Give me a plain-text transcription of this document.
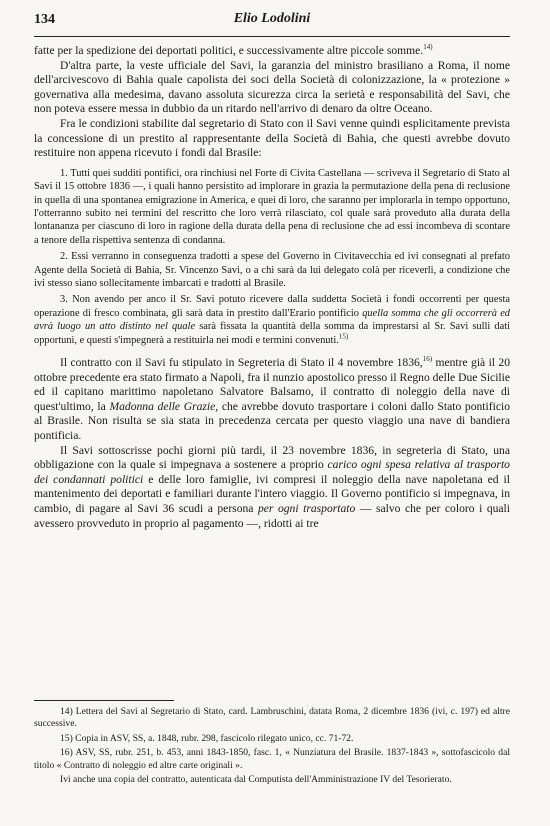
134	Elio Lodolini

fatte per la spedizione dei deportati politici, e successivamente altre piccole somme.$^{14)}$

D'altra parte, la veste ufficiale del Savi, la garanzia del ministro brasiliano a Roma, il nome dell'arcivescovo di Bahia quale capolista dei soci della Società di colonizzazione, la « protezione » governativa alla medesima, davano assoluta sicurezza circa la serietà e responsabilità del Savi, che non poteva essere messa in dubbio da un ritardo nell'arrivo di denaro da oltre Oceano.

Fra le condizioni stabilite dal segretario di Stato con il Savi venne quindi esplicitamente prevista la concessione di un prestito al rappresentante della Società di Bahia, che questi avrebbe dovuto restituire non appena ricevuto i fondi dal Brasile:

1. Tutti quei sudditi pontifici, ora rinchiusi nel Forte di Civita Castellana — scriveva il Segretario di Stato al Savi il 15 ottobre 1836 —, i quali hanno persistito ad implorare in grazia la permutazione della pena di reclusione in quella di una spontanea emigrazione in America, e quei di loro, che saranno per implorarla in tempo opportuno, l'otterranno subito nei termini del rescritto che loro verrà rilasciato, col quale sarà proveduto alla durata della lontananza per ciascuno di loro in ragione della durata della pena di reclusione che ad essi incombeva di scontare a tenore della rispettiva sentenza di condanna.

2. Essi verranno in conseguenza tradotti a spese del Governo in Civitavecchia ed ivi consegnati al prefato Agente della Società di Bahia, Sr. Vincenzo Savi, o a chi sarà da lui delegato colà per riceverli, a condizione che ivi stesso siano sollecitamente imbarcati e tradotti al Brasile.

3. Non avendo per anco il Sr. Savi potuto ricevere dalla suddetta Società i fondi occorrenti per questa operazione di fresco combinata, gli sarà data in prestito dall'Erario pontificio quella somma che gli occorrerà ed avrà luogo un atto distinto nel quale sarà fissata la quantità della somma da imprestarsi al Sr. Savi sulli dati opportuni, e questi s'impegnerà a restituirla nei modi e termini convenuti.$^{15)}$

Il contratto con il Savi fu stipulato in Segreteria di Stato il 4 novembre 1836,$^{16)}$ mentre già il 20 ottobre precedente era stato firmato a Napoli, fra il nunzio apostolico presso il Regno delle Due Sicilie ed il capitano marittimo napoletano Salvatore Balsamo, il contratto di noleggio della nave di quest'ultimo, la Madonna delle Grazie, che avrebbe dovuto trasportare i coloni dallo Stato pontificio al Brasile. Non risulta se sia stata in precedenza cercata per questo viaggio una nave di bandiera pontificia.

Il Savi sottoscrisse pochi giorni più tardi, il 23 novembre 1836, in segreteria di Stato, una obbligazione con la quale si impegnava a sostenere a proprio carico ogni spesa relativa al trasporto dei condannati politici e delle loro famiglie, ivi compresi il noleggio della nave napoletana ed il mantenimento dei deportati e familiari durante l'intero viaggio. Il Governo pontificio si impegnava, in cambio, di pagare al Savi 36 scudi a persona per ogni trasportato — salvo che per coloro i quali avessero provveduto in proprio al pagamento —, ridotti ai tre

14) Lettera del Savi al Segretario di Stato, card. Lambruschini, datata Roma, 2 dicembre 1836 (ivi, c. 197) ed altre successive.

15) Copia in ASV, SS, a. 1848, rubr. 298, fascicolo rilegato unico, cc. 71-72.

16) ASV, SS, rubr. 251, b. 453, anni 1843-1850, fasc. 1, « Nunziatura del Brasile. 1837-1843 », sottofascicolo dal titolo « Contratto di noleggio ed altre carte originali ».

Ivi anche una copia del contratto, autenticata dal Computista dell'Amministrazione IV del Tesorierato.
